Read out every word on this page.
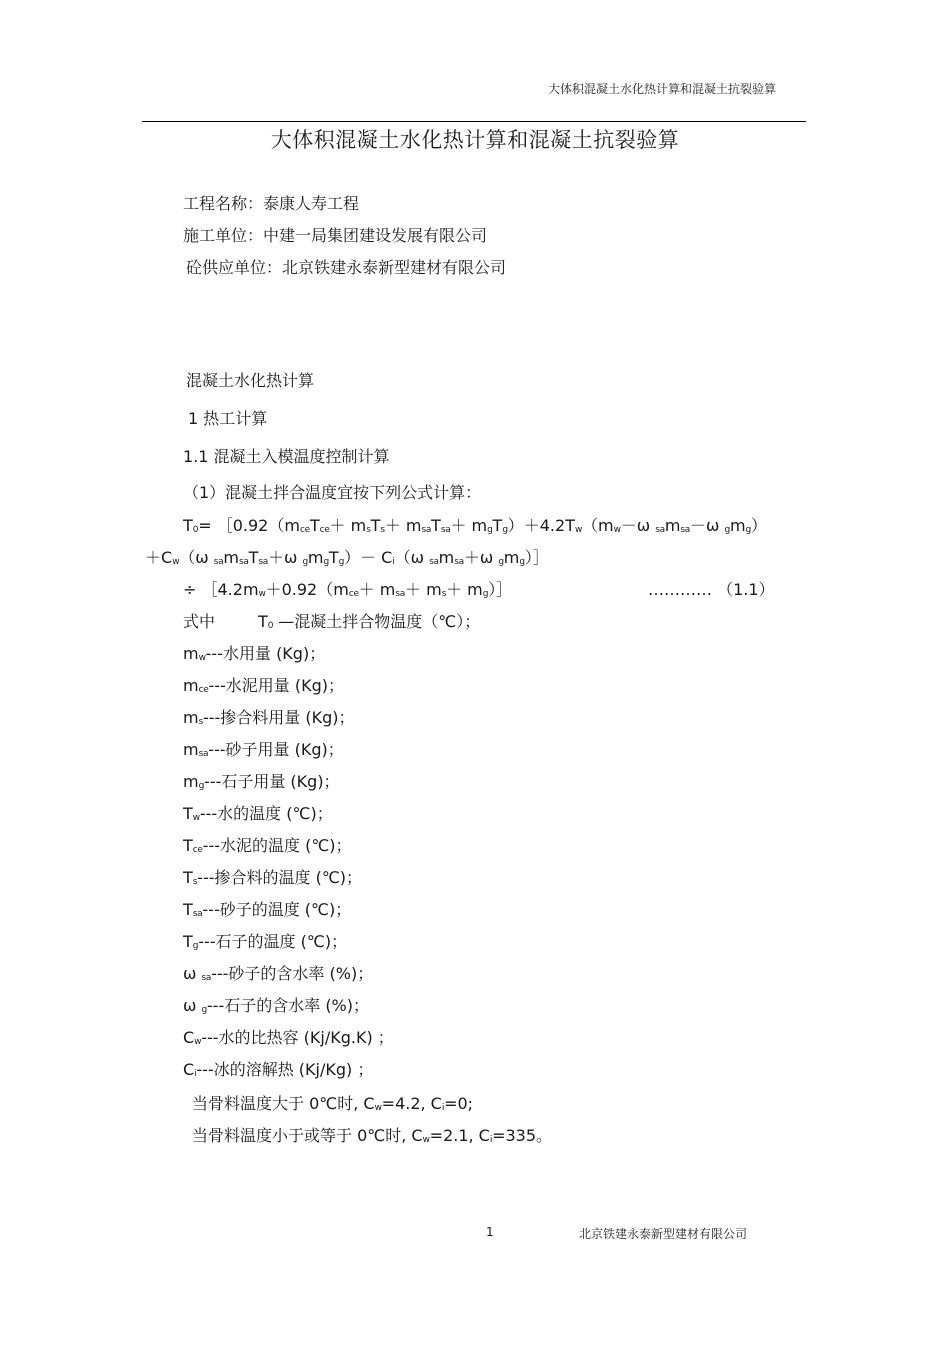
大体积混凝土水化热计算和混凝土抗裂验算
大体积混凝土水化热计算和混凝土抗裂验算
工程名称：泰康人寿工程
施工单位：中建一局集团建设发展有限公司
砼供应单位：北京铁建永泰新型建材有限公司
混凝土水化热计算
1 热工计算
1.1 混凝土入模温度控制计算
（1）混凝土拌合温度宜按下列公式计算：
$T_0=$ $[0.92(m_{ce}T_{ce}+ m_sT_s+ m_{sa}T_{sa}+ m_gT_g)+4.2T_w(m_w-\omega$ $_{sa}m_{sa}-\omega$ $_gm_g$）
$+C_w(\omega$ $_{sa}m_{sa}T_{sa}+\omega$ $_gm_gT_g)- C_i(\omega$ $_{sa}m_{sa}+\omega$ $_gm_g)]$
÷ $[4.2m_w+0.92(m_{ce}+ m_{sa}+ m_s+$ $m_g)]$	………… （1.1）
式中	$T_0$ —混凝土拌合物温度（℃）；
$m_w---$水用量 (Kg)；
$m_{ce}---$水泥用量 (Kg)；
$m_s---$掺合料用量 (Kg)；
$m_{sa}---$砂子用量 (Kg)；
$m_g---$石子用量 (Kg)；
$T_w---$水的温度 (℃)；
$T_{ce}---$水泥的温度 (℃)；
$T_s---$掺合料的温度 (℃)；
$T_{sa}---$砂子的温度 (℃)；
$T_g---$石子的温度 (℃)；
ω $_{sa}$---砂子的含水率 (%)；
ω $_g$---石子的含水率 (%)；
$C_w---$水的比热容 (Kj/Kg.K) ；
$C_i---$冰的溶解热 (Kj/Kg) ；
当骨料温度大于 0℃时, $C_w=4.2$, $C_i=0$;
当骨料温度小于或等于 0℃时, $C_w=2.1$, $C_i=335$。
1	北京铁建永泰新型建材有限公司
